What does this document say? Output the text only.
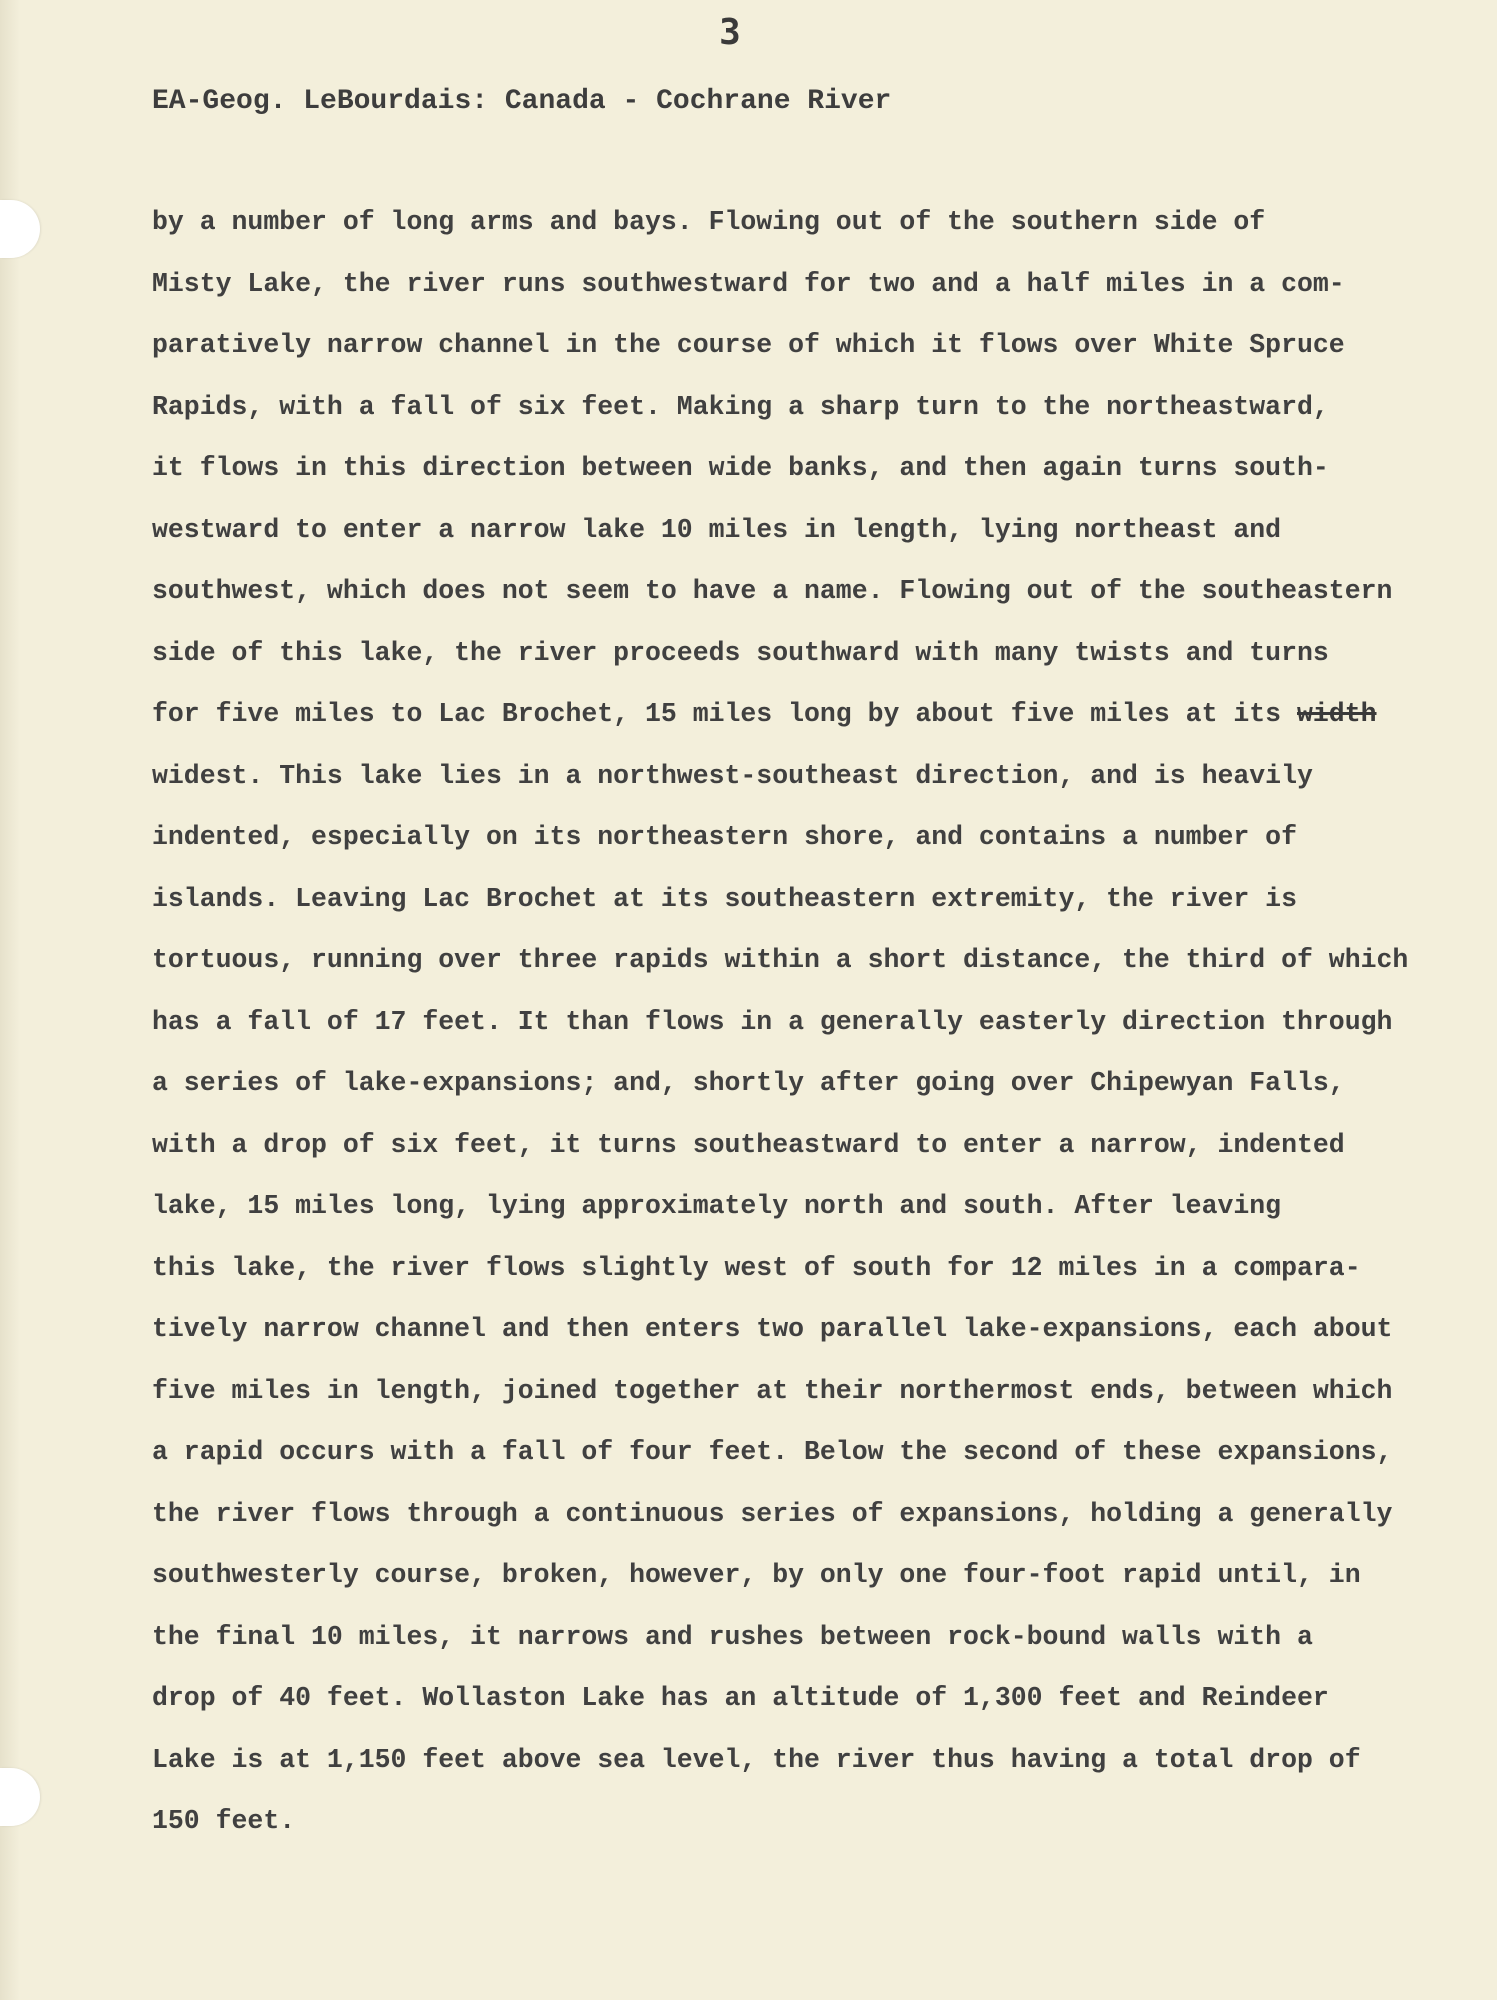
3

EA-Geog. LeBourdais: Canada - Cochrane River

by a number of long arms and bays. Flowing out of the southern side of
Misty Lake, the river runs southwestward for two and a half miles in a com-
paratively narrow channel in the course of which it flows over White Spruce
Rapids, with a fall of six feet. Making a sharp turn to the northeastward,
it flows in this direction between wide banks, and then again turns south-
westward to enter a narrow lake 10 miles in length, lying northeast and
southwest, which does not seem to have a name. Flowing out of the southeastern
side of this lake, the river proceeds southward with many twists and turns
for five miles to Lac Brochet, 15 miles long by about five miles at its width
widest. This lake lies in a northwest-southeast direction, and is heavily
indented, especially on its northeastern shore, and contains a number of
islands. Leaving Lac Brochet at its southeastern extremity, the river is
tortuous, running over three rapids within a short distance, the third of which
has a fall of 17 feet. It than flows in a generally easterly direction through
a series of lake-expansions; and, shortly after going over Chipewyan Falls,
with a drop of six feet, it turns southeastward to enter a narrow, indented
lake, 15 miles long, lying approximately north and south. After leaving
this lake, the river flows slightly west of south for 12 miles in a compara-
tively narrow channel and then enters two parallel lake-expansions, each about
five miles in length, joined together at their northermost ends, between which
a rapid occurs with a fall of four feet. Below the second of these expansions,
the river flows through a continuous series of expansions, holding a generally
southwesterly course, broken, however, by only one four-foot rapid until, in
the final 10 miles, it narrows and rushes between rock-bound walls with a
drop of 40 feet. Wollaston Lake has an altitude of 1,300 feet and Reindeer
Lake is at 1,150 feet above sea level, the river thus having a total drop of
150 feet.
